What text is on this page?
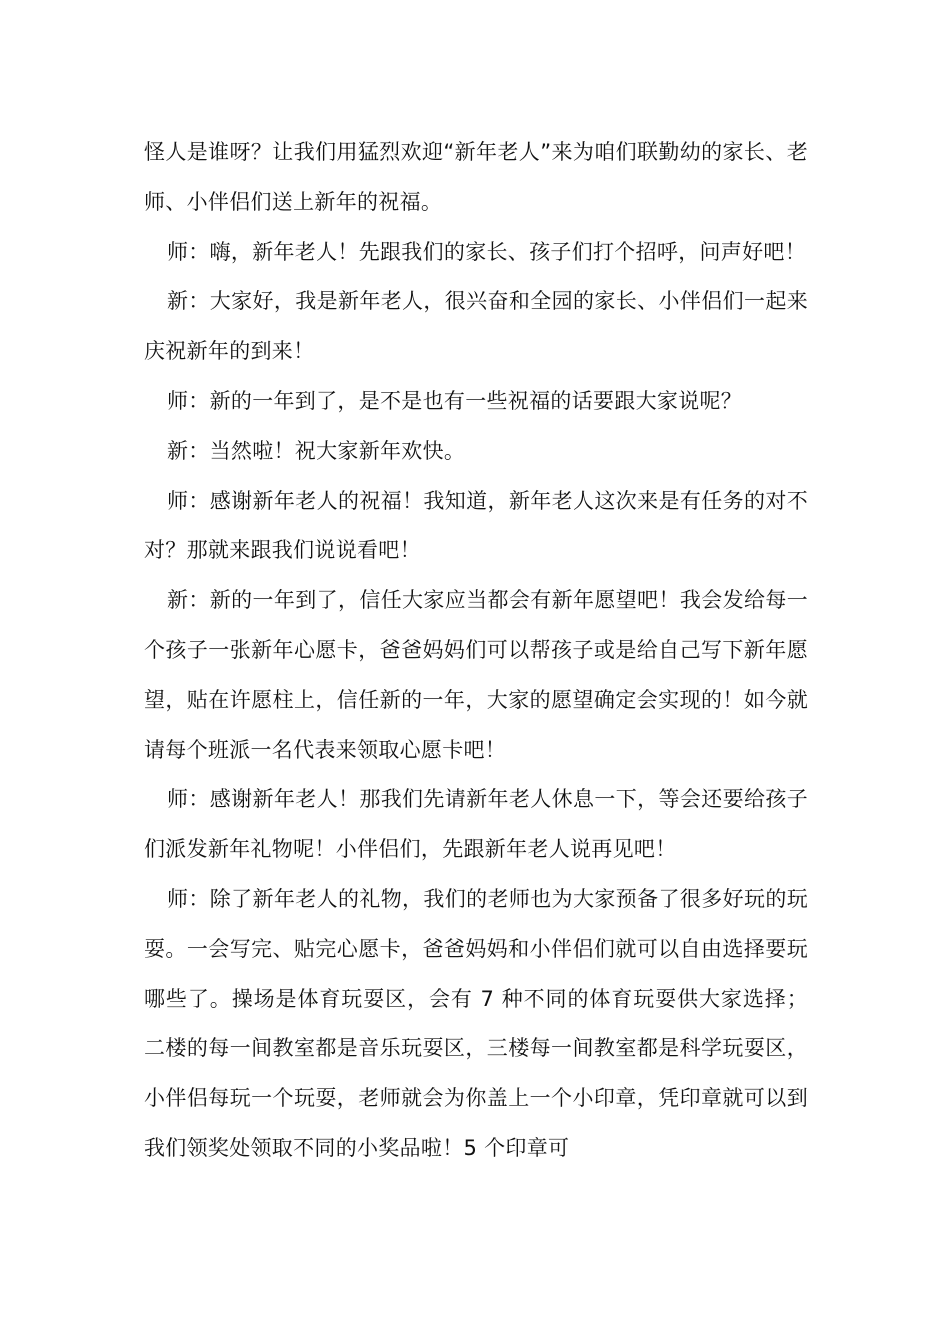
怪人是谁呀？让我们用猛烈欢迎“新年老人”来为咱们联勤幼的家长、老师、小伴侣们送上新年的祝福。

师：嗨，新年老人！先跟我们的家长、孩子们打个招呼，问声好吧！

新：大家好，我是新年老人，很兴奋和全园的家长、小伴侣们一起来庆祝新年的到来！

师：新的一年到了，是不是也有一些祝福的话要跟大家说呢？

新：当然啦！祝大家新年欢快。

师：感谢新年老人的祝福！我知道，新年老人这次来是有任务的对不对？那就来跟我们说说看吧！

新：新的一年到了，信任大家应当都会有新年愿望吧！我会发给每一个孩子一张新年心愿卡，爸爸妈妈们可以帮孩子或是给自己写下新年愿望，贴在许愿柱上，信任新的一年，大家的愿望确定会实现的！如今就请每个班派一名代表来领取心愿卡吧！

师：感谢新年老人！那我们先请新年老人休息一下，等会还要给孩子们派发新年礼物呢！小伴侣们，先跟新年老人说再见吧！

师：除了新年老人的礼物，我们的老师也为大家预备了很多好玩的玩耍。一会写完、贴完心愿卡，爸爸妈妈和小伴侣们就可以自由选择要玩哪些了。操场是体育玩耍区，会有 7 种不同的体育玩耍供大家选择；二楼的每一间教室都是音乐玩耍区，三楼每一间教室都是科学玩耍区，小伴侣每玩一个玩耍，老师就会为你盖上一个小印章，凭印章就可以到我们领奖处领取不同的小奖品啦！5 个印章可
